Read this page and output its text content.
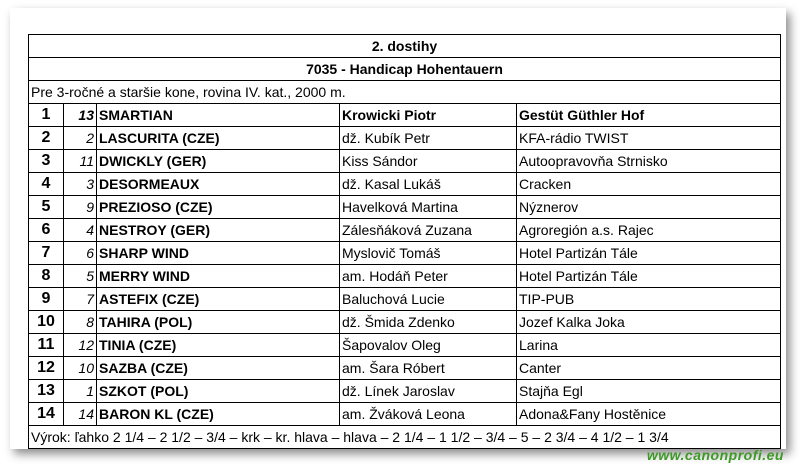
2. dostihy				
7035 - Handicap Hohentauern				
Pre 3-ročné a staršie kone, rovina IV. kat., 2000 m.				
1	13	SMARTIAN	Krowicki Piotr	Gestüt Güthler Hof
2	2	LASCURITA (CZE)	dž. Kubík Petr	KFA-rádio TWIST
3	11	DWICKLY (GER)	Kiss Sándor	Autoopravovňa Strnisko
4	3	DESORMEAUX	dž. Kasal Lukáš	Cracken
5	9	PREZIOSO (CZE)	Havelková Martina	Nýznerov
6	4	NESTROY (GER)	Zálesňáková Zuzana	Agroregión a.s. Rajec
7	6	SHARP WIND	Myslovič Tomáš	Hotel Partizán Tále
8	5	MERRY WIND	am. Hodáň Peter	Hotel Partizán Tále
9	7	ASTEFIX (CZE)	Baluchová Lucie	TIP-PUB
10	8	TAHIRA (POL)	dž. Šmida Zdenko	Jozef Kalka Joka
11	12	TINIA (CZE)	Šapovalov Oleg	Larina
12	10	SAZBA (CZE)	am. Šara Róbert	Canter
13	1	SZKOT (POL)	dž. Línek Jaroslav	Stajňa Egl
14	14	BARON KL (CZE)	am. Žváková Leona	Adona&Fany Hostěnice
Výrok: ľahko 2 1/4 – 2 1/2 – 3/4 – krk – kr. hlava – hlava – 2 1/4 – 1 1/2 – 3/4 – 5 – 2 3/4 – 4 1/2 – 1 3/4				
www.canonprofi.eu
